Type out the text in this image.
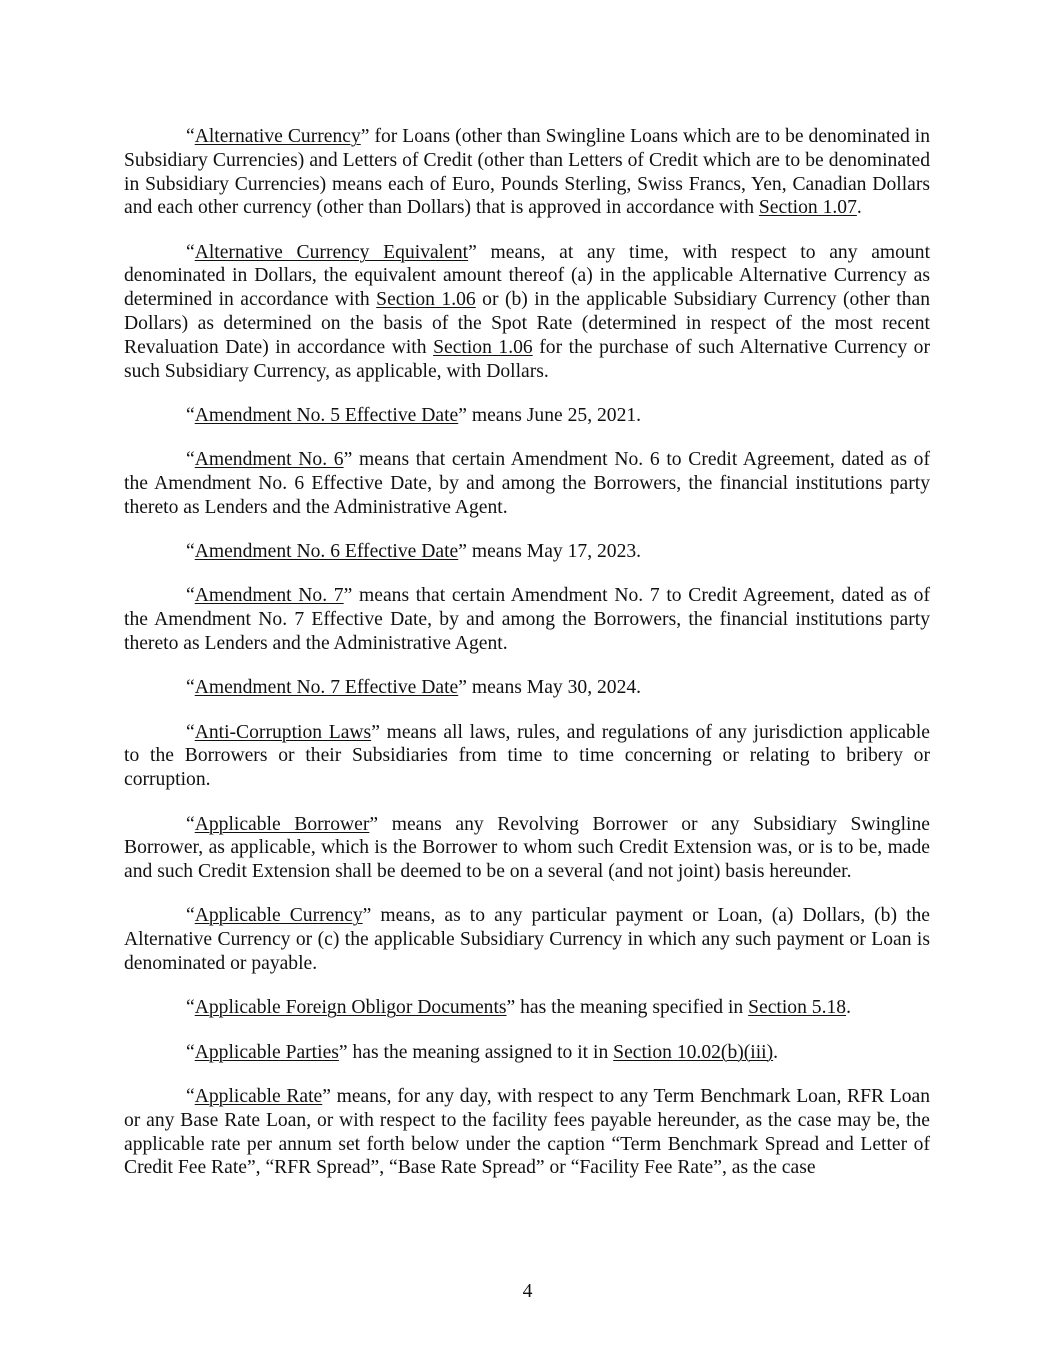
“Alternative Currency” for Loans (other than Swingline Loans which are to be denominated in Subsidiary Currencies) and Letters of Credit (other than Letters of Credit which are to be denominated in Subsidiary Currencies) means each of Euro, Pounds Sterling, Swiss Francs, Yen, Canadian Dollars and each other currency (other than Dollars) that is approved in accordance with Section 1.07.

“Alternative Currency Equivalent” means, at any time, with respect to any amount denominated in Dollars, the equivalent amount thereof (a) in the applicable Alternative Currency as determined in accordance with Section 1.06 or (b) in the applicable Subsidiary Currency (other than Dollars) as determined on the basis of the Spot Rate (determined in respect of the most recent Revaluation Date) in accordance with Section 1.06 for the purchase of such Alternative Currency or such Subsidiary Currency, as applicable, with Dollars.

“Amendment No. 5 Effective Date” means June 25, 2021.

“Amendment No. 6” means that certain Amendment No. 6 to Credit Agreement, dated as of the Amendment No. 6 Effective Date, by and among the Borrowers, the financial institutions party thereto as Lenders and the Administrative Agent.

“Amendment No. 6 Effective Date” means May 17, 2023.

“Amendment No. 7” means that certain Amendment No. 7 to Credit Agreement, dated as of the Amendment No. 7 Effective Date, by and among the Borrowers, the financial institutions party thereto as Lenders and the Administrative Agent.

“Amendment No. 7 Effective Date” means May 30, 2024.

“Anti-Corruption Laws” means all laws, rules, and regulations of any jurisdiction applicable to the Borrowers or their Subsidiaries from time to time concerning or relating to bribery or corruption.

“Applicable Borrower” means any Revolving Borrower or any Subsidiary Swingline Borrower, as applicable, which is the Borrower to whom such Credit Extension was, or is to be, made and such Credit Extension shall be deemed to be on a several (and not joint) basis hereunder.

“Applicable Currency” means, as to any particular payment or Loan, (a) Dollars, (b) the Alternative Currency or (c) the applicable Subsidiary Currency in which any such payment or Loan is denominated or payable.

“Applicable Foreign Obligor Documents” has the meaning specified in Section 5.18.

“Applicable Parties” has the meaning assigned to it in Section 10.02(b)(iii).

“Applicable Rate” means, for any day, with respect to any Term Benchmark Loan, RFR Loan or any Base Rate Loan, or with respect to the facility fees payable hereunder, as the case may be, the applicable rate per annum set forth below under the caption “Term Benchmark Spread and Letter of Credit Fee Rate”, “RFR Spread”, “Base Rate Spread” or “Facility Fee Rate”, as the case

4
